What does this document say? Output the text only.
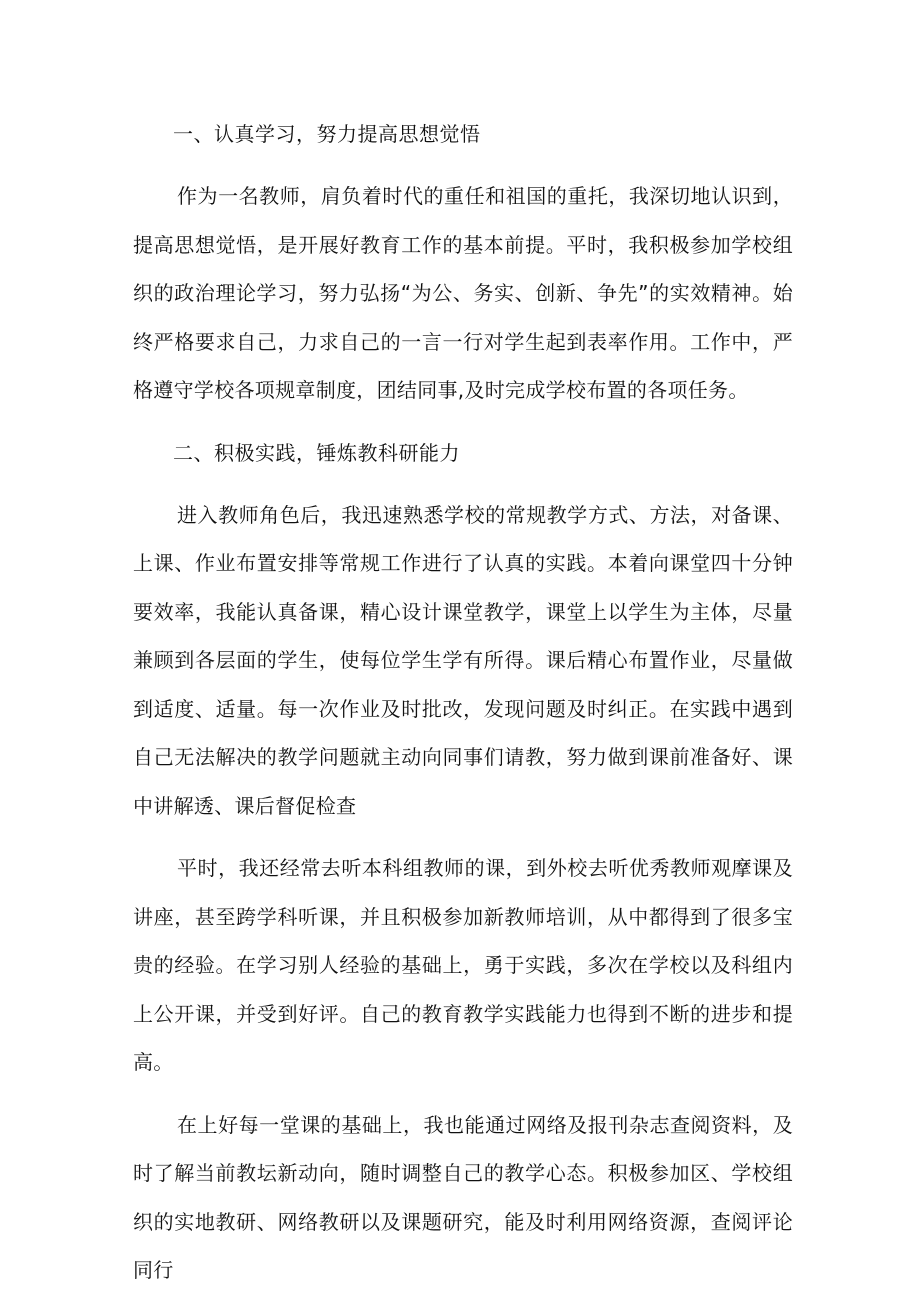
一、认真学习，努力提高思想觉悟

作为一名教师，肩负着时代的重任和祖国的重托，我深切地认识到，提高思想觉悟，是开展好教育工作的基本前提。平时，我积极参加学校组织的政治理论学习，努力弘扬“为公、务实、创新、争先”的实效精神。始终严格要求自己，力求自己的一言一行对学生起到表率作用。工作中，严格遵守学校各项规章制度，团结同事,及时完成学校布置的各项任务。

二、积极实践，锤炼教科研能力

进入教师角色后，我迅速熟悉学校的常规教学方式、方法，对备课、上课、作业布置安排等常规工作进行了认真的实践。本着向课堂四十分钟要效率，我能认真备课，精心设计课堂教学，课堂上以学生为主体，尽量兼顾到各层面的学生，使每位学生学有所得。课后精心布置作业，尽量做到适度、适量。每一次作业及时批改，发现问题及时纠正。在实践中遇到自己无法解决的教学问题就主动向同事们请教，努力做到课前准备好、课中讲解透、课后督促检查

平时，我还经常去听本科组教师的课，到外校去听优秀教师观摩课及讲座，甚至跨学科听课，并且积极参加新教师培训，从中都得到了很多宝贵的经验。在学习别人经验的基础上，勇于实践，多次在学校以及科组内上公开课，并受到好评。自己的教育教学实践能力也得到不断的进步和提高。

在上好每一堂课的基础上，我也能通过网络及报刊杂志查阅资料，及时了解当前教坛新动向，随时调整自己的教学心态。积极参加区、学校组织的实地教研、网络教研以及课题研究，能及时利用网络资源，查阅评论同行
